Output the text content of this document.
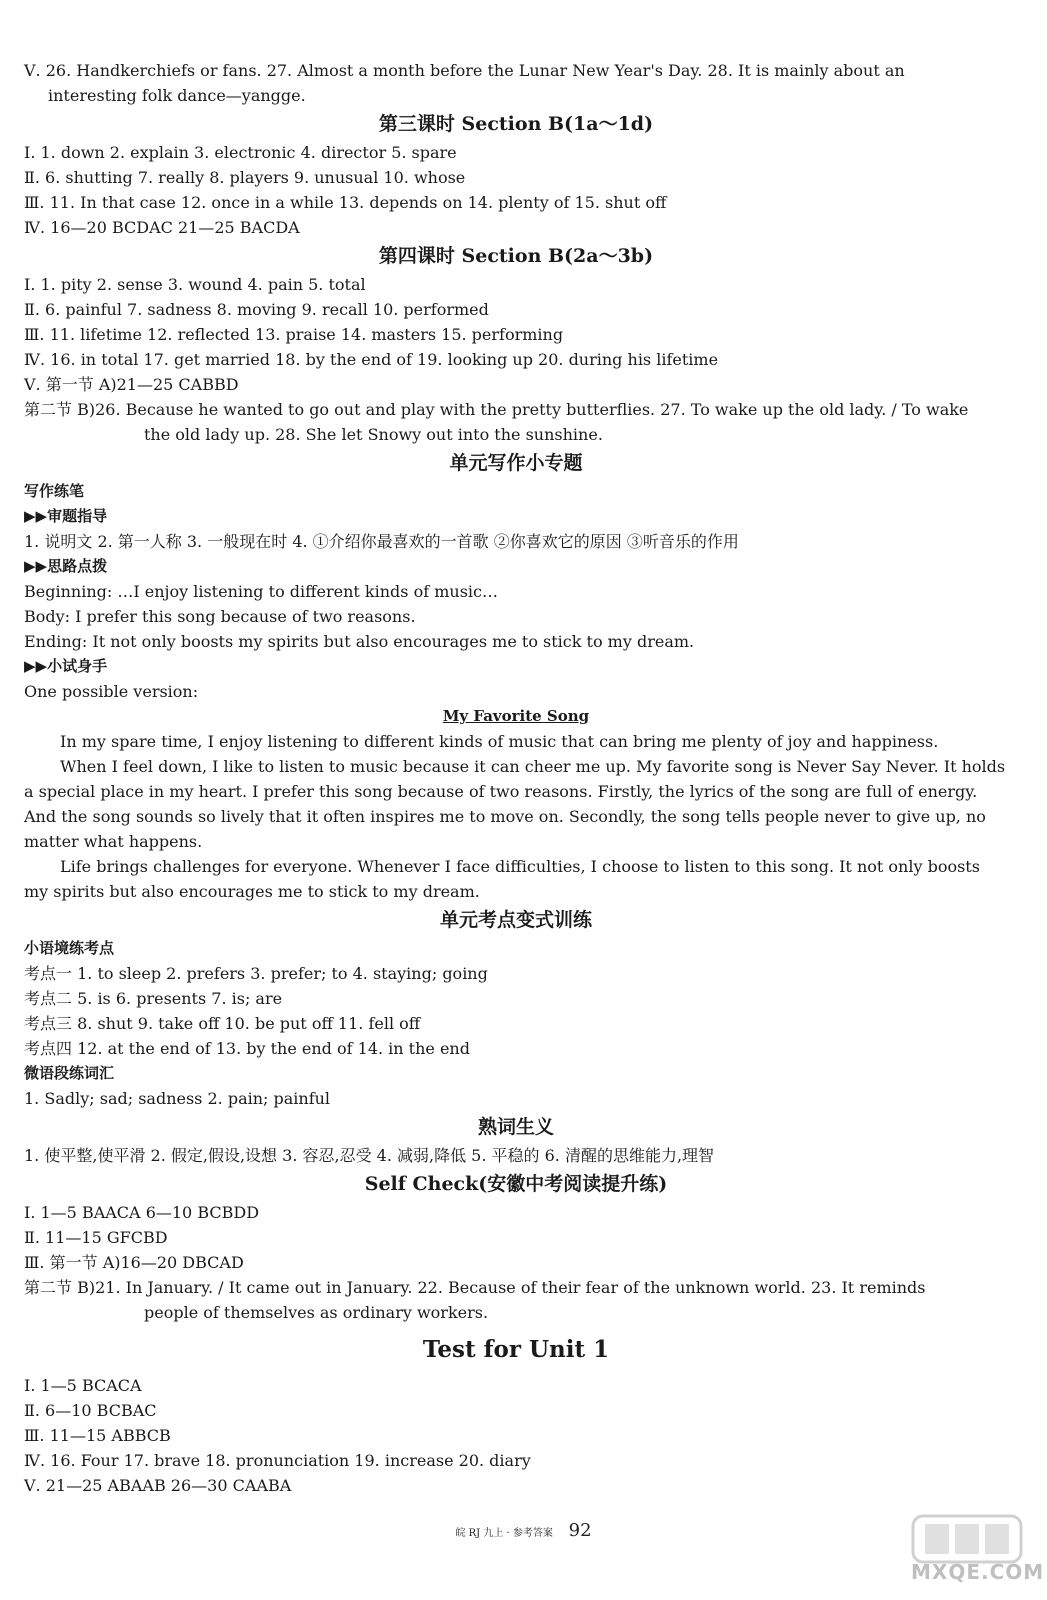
Ⅴ. 26. Handkerchiefs or fans. 27. Almost a month before the Lunar New Year's Day. 28. It is mainly about an
interesting folk dance—yangge.
第三课时 Section B(1a～1d)
Ⅰ. 1. down 2. explain 3. electronic 4. director 5. spare
Ⅱ. 6. shutting 7. really 8. players 9. unusual 10. whose
Ⅲ. 11. In that case 12. once in a while 13. depends on 14. plenty of 15. shut off
Ⅳ. 16—20 BCDAC 21—25 BACDA
第四课时 Section B(2a～3b)
Ⅰ. 1. pity 2. sense 3. wound 4. pain 5. total
Ⅱ. 6. painful 7. sadness 8. moving 9. recall 10. performed
Ⅲ. 11. lifetime 12. reflected 13. praise 14. masters 15. performing
Ⅳ. 16. in total 17. get married 18. by the end of 19. looking up 20. during his lifetime
Ⅴ. 第一节 A)21—25 CABBD
第二节 B)26. Because he wanted to go out and play with the pretty butterflies. 27. To wake up the old lady. / To wake
the old lady up. 28. She let Snowy out into the sunshine.
单元写作小专题
写作练笔
▶▶审题指导
1. 说明文 2. 第一人称 3. 一般现在时 4. ①介绍你最喜欢的一首歌 ②你喜欢它的原因 ③听音乐的作用
▶▶思路点拨
Beginning: …I enjoy listening to different kinds of music…
Body: I prefer this song because of two reasons.
Ending: It not only boosts my spirits but also encourages me to stick to my dream.
▶▶小试身手
One possible version:
My Favorite Song
In my spare time, I enjoy listening to different kinds of music that can bring me plenty of joy and happiness.
When I feel down, I like to listen to music because it can cheer me up. My favorite song is Never Say Never. It holds a special place in my heart. I prefer this song because of two reasons. Firstly, the lyrics of the song are full of energy. And the song sounds so lively that it often inspires me to move on. Secondly, the song tells people never to give up, no matter what happens.
Life brings challenges for everyone. Whenever I face difficulties, I choose to listen to this song. It not only boosts my spirits but also encourages me to stick to my dream.
单元考点变式训练
小语境练考点
考点一 1. to sleep 2. prefers 3. prefer; to 4. staying; going
考点二 5. is 6. presents 7. is; are
考点三 8. shut 9. take off 10. be put off 11. fell off
考点四 12. at the end of 13. by the end of 14. in the end
微语段练词汇
1. Sadly; sad; sadness 2. pain; painful
熟词生义
1. 使平整,使平滑 2. 假定,假设,设想 3. 容忍,忍受 4. 减弱,降低 5. 平稳的 6. 清醒的思维能力,理智
Self Check(安徽中考阅读提升练)
Ⅰ. 1—5 BAACA 6—10 BCBDD
Ⅱ. 11—15 GFCBD
Ⅲ. 第一节 A)16—20 DBCAD
第二节 B)21. In January. / It came out in January. 22. Because of their fear of the unknown world. 23. It reminds
people of themselves as ordinary workers.
Test for Unit 1
Ⅰ. 1—5 BCACA
Ⅱ. 6—10 BCBAC
Ⅲ. 11—15 ABBCB
Ⅳ. 16. Four 17. brave 18. pronunciation 19. increase 20. diary
Ⅴ. 21—25 ABAAB 26—30 CAABA
皖 RJ 九上 · 参考答案 92
MXQE.COM
